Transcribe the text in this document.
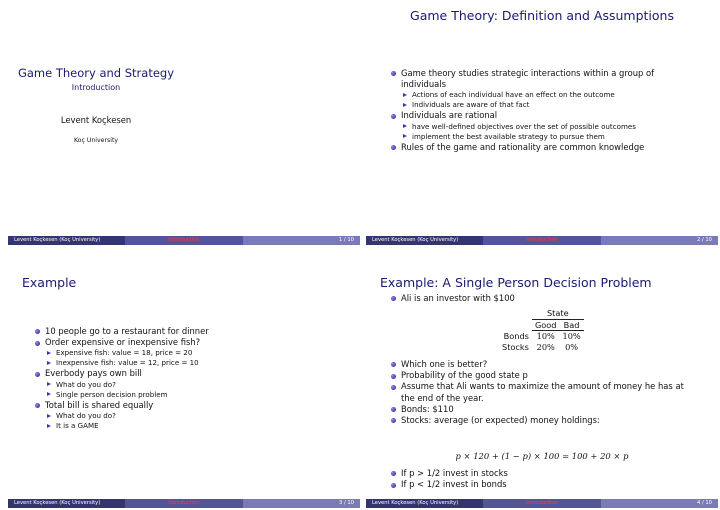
Game Theory and Strategy
Introduction
Levent Koçkesen
Koç University
Levent Koçkesen (Koç University)	Introduction	1 / 10
Game Theory: Definition and Assumptions
Game theory studies strategic interactions within a group of individuals
Actions of each individual have an effect on the outcome
Individuals are aware of that fact
Individuals are rational
have well-defined objectives over the set of possible outcomes
implement the best available strategy to pursue them
Rules of the game and rationality are common knowledge
Levent Koçkesen (Koç University)	Introduction	2 / 10
Example
10 people go to a restaurant for dinner
Order expensive or inexpensive fish?
Expensive fish: value = 18, price = 20
Inexpensive fish: value = 12, price = 10
Everbody pays own bill
What do you do?
Single person decision problem
Total bill is shared equally
What do you do?
It is a GAME
Levent Koçkesen (Koç University)	Introduction	3 / 10
Example: A Single Person Decision Problem
Ali is an investor with $100
	State	
	Good	Bad
Bonds	10%	10%
Stocks	20%	0%
Which one is better?
Probability of the good state p
Assume that Ali wants to maximize the amount of money he has at the end of the year.
Bonds: $110
Stocks: average (or expected) money holdings:
p × 120 + (1 − p) × 100 = 100 + 20 × p
If p > 1/2 invest in stocks
If p < 1/2 invest in bonds
Levent Koçkesen (Koç University)	Introduction	4 / 10
